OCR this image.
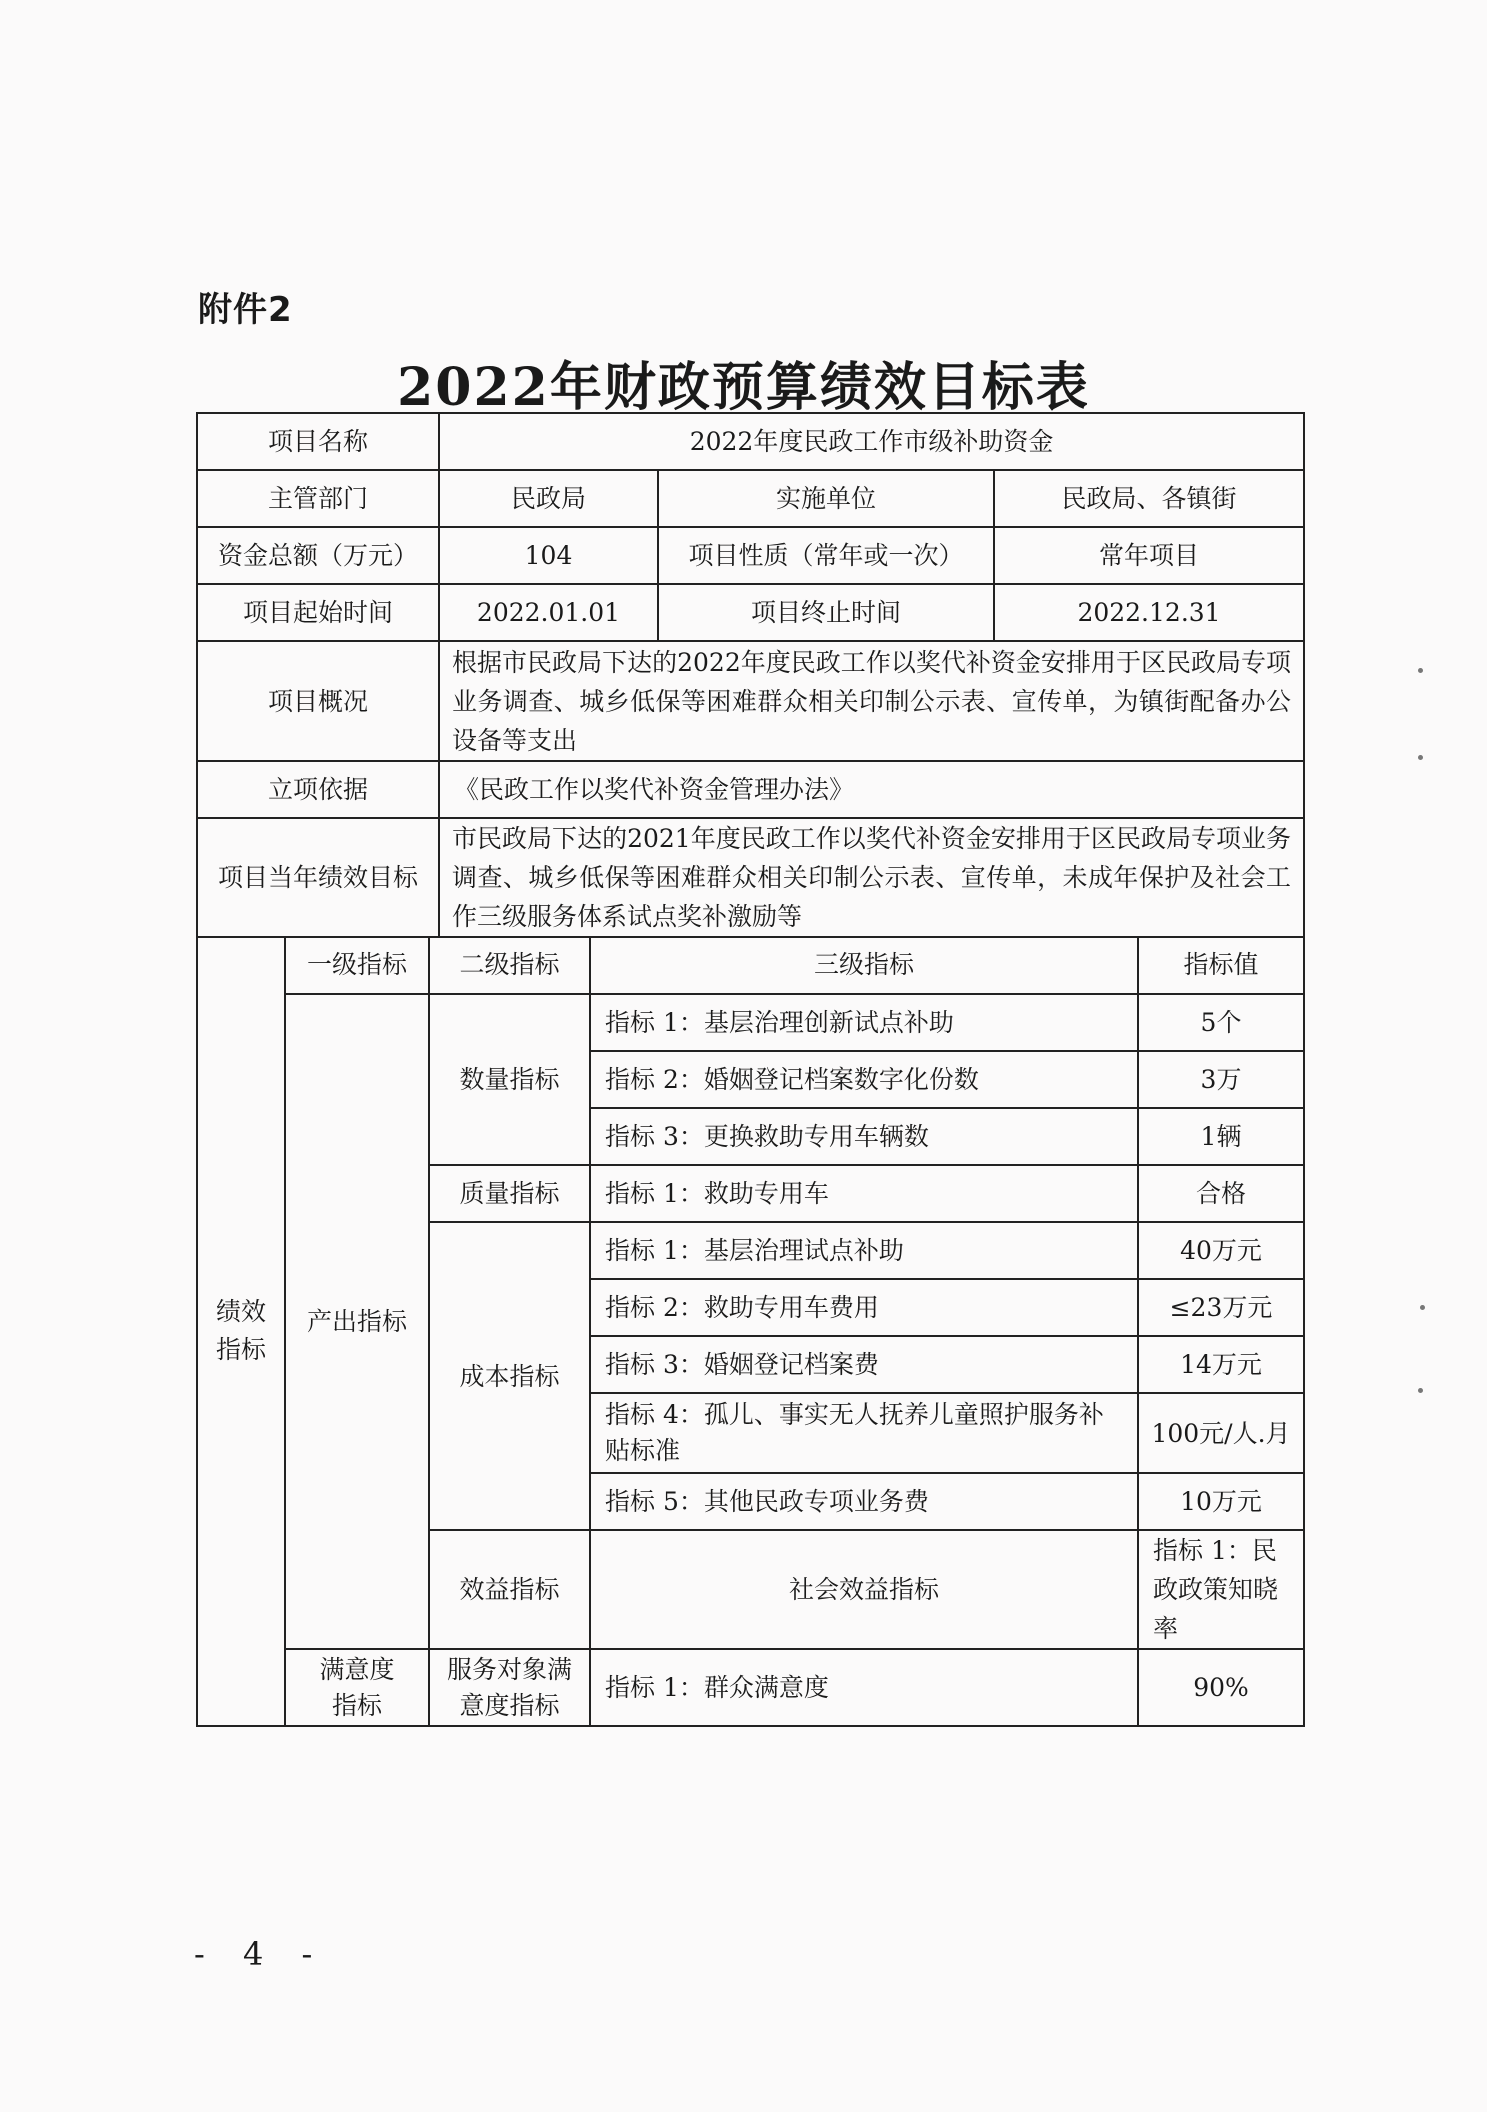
附件2
2022年财政预算绩效目标表
项目名称	2022年度民政工作市级补助资金		
主管部门	民政局	实施单位	民政局、各镇街
资金总额（万元）	104	项目性质（常年或一次）	常年项目
项目起始时间	2022.01.01	项目终止时间	2022.12.31
项目概况	根据市民政局下达的2022年度民政工作以奖代补资金安排用于区民政局专项业务调查、城乡低保等困难群众相关印制公示表、宣传单，为镇街配备办公设备等支出		
立项依据	《民政工作以奖代补资金管理办法》		
项目当年绩效目标	市民政局下达的2021年度民政工作以奖代补资金安排用于区民政局专项业务调查、城乡低保等困难群众相关印制公示表、宣传单，未成年保护及社会工作三级服务体系试点奖补激励等		
绩效指标	一级指标	二级指标	三级指标	指标值	
	产出指标	数量指标	指标 1：基层治理创新试点补助	5个	
			指标 2：婚姻登记档案数字化份数	3万	
			指标 3：更换救助专用车辆数	1辆	
		质量指标	指标 1：救助专用车	合格	
		成本指标	指标 1：基层治理试点补助	40万元	
			指标 2：救助专用车费用	≤23万元	
			指标 3：婚姻登记档案费	14万元	
			指标 4：孤儿、事实无人抚养儿童照护服务补贴标准	100元/人.月	
			指标 5：其他民政专项业务费	10万元	
		效益指标	社会效益指标	指标 1：民政政策知晓率	
	满意度指标	服务对象满意度指标	指标 1：群众满意度	90%	
- 4 -
